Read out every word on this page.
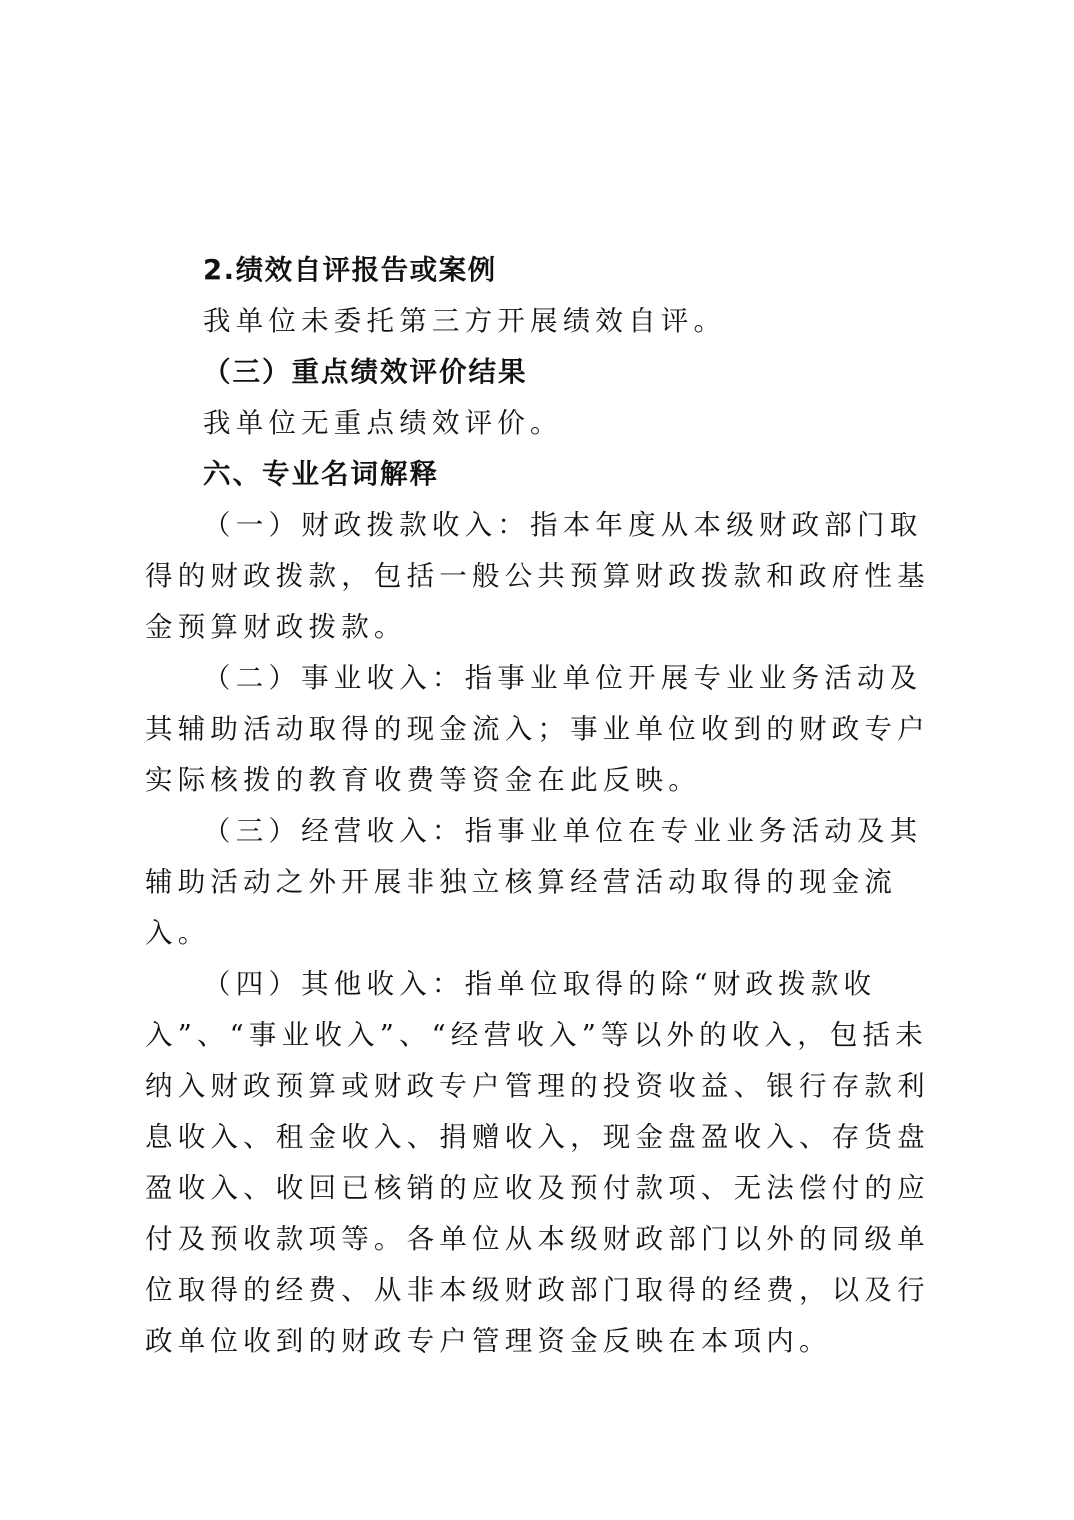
2.绩效自评报告或案例

我单位未委托第三方开展绩效自评。

（三）重点绩效评价结果

我单位无重点绩效评价。

六、专业名词解释

（一）财政拨款收入：指本年度从本级财政部门取得的财政拨款，包括一般公共预算财政拨款和政府性基金预算财政拨款。

（二）事业收入：指事业单位开展专业业务活动及其辅助活动取得的现金流入；事业单位收到的财政专户实际核拨的教育收费等资金在此反映。

（三）经营收入：指事业单位在专业业务活动及其辅助活动之外开展非独立核算经营活动取得的现金流入。

（四）其他收入：指单位取得的除“财政拨款收入”、“事业收入”、“经营收入”等以外的收入，包括未纳入财政预算或财政专户管理的投资收益、银行存款利息收入、租金收入、捐赠收入，现金盘盈收入、存货盘盈收入、收回已核销的应收及预付款项、无法偿付的应付及预收款项等。各单位从本级财政部门以外的同级单位取得的经费、从非本级财政部门取得的经费，以及行政单位收到的财政专户管理资金反映在本项内。
